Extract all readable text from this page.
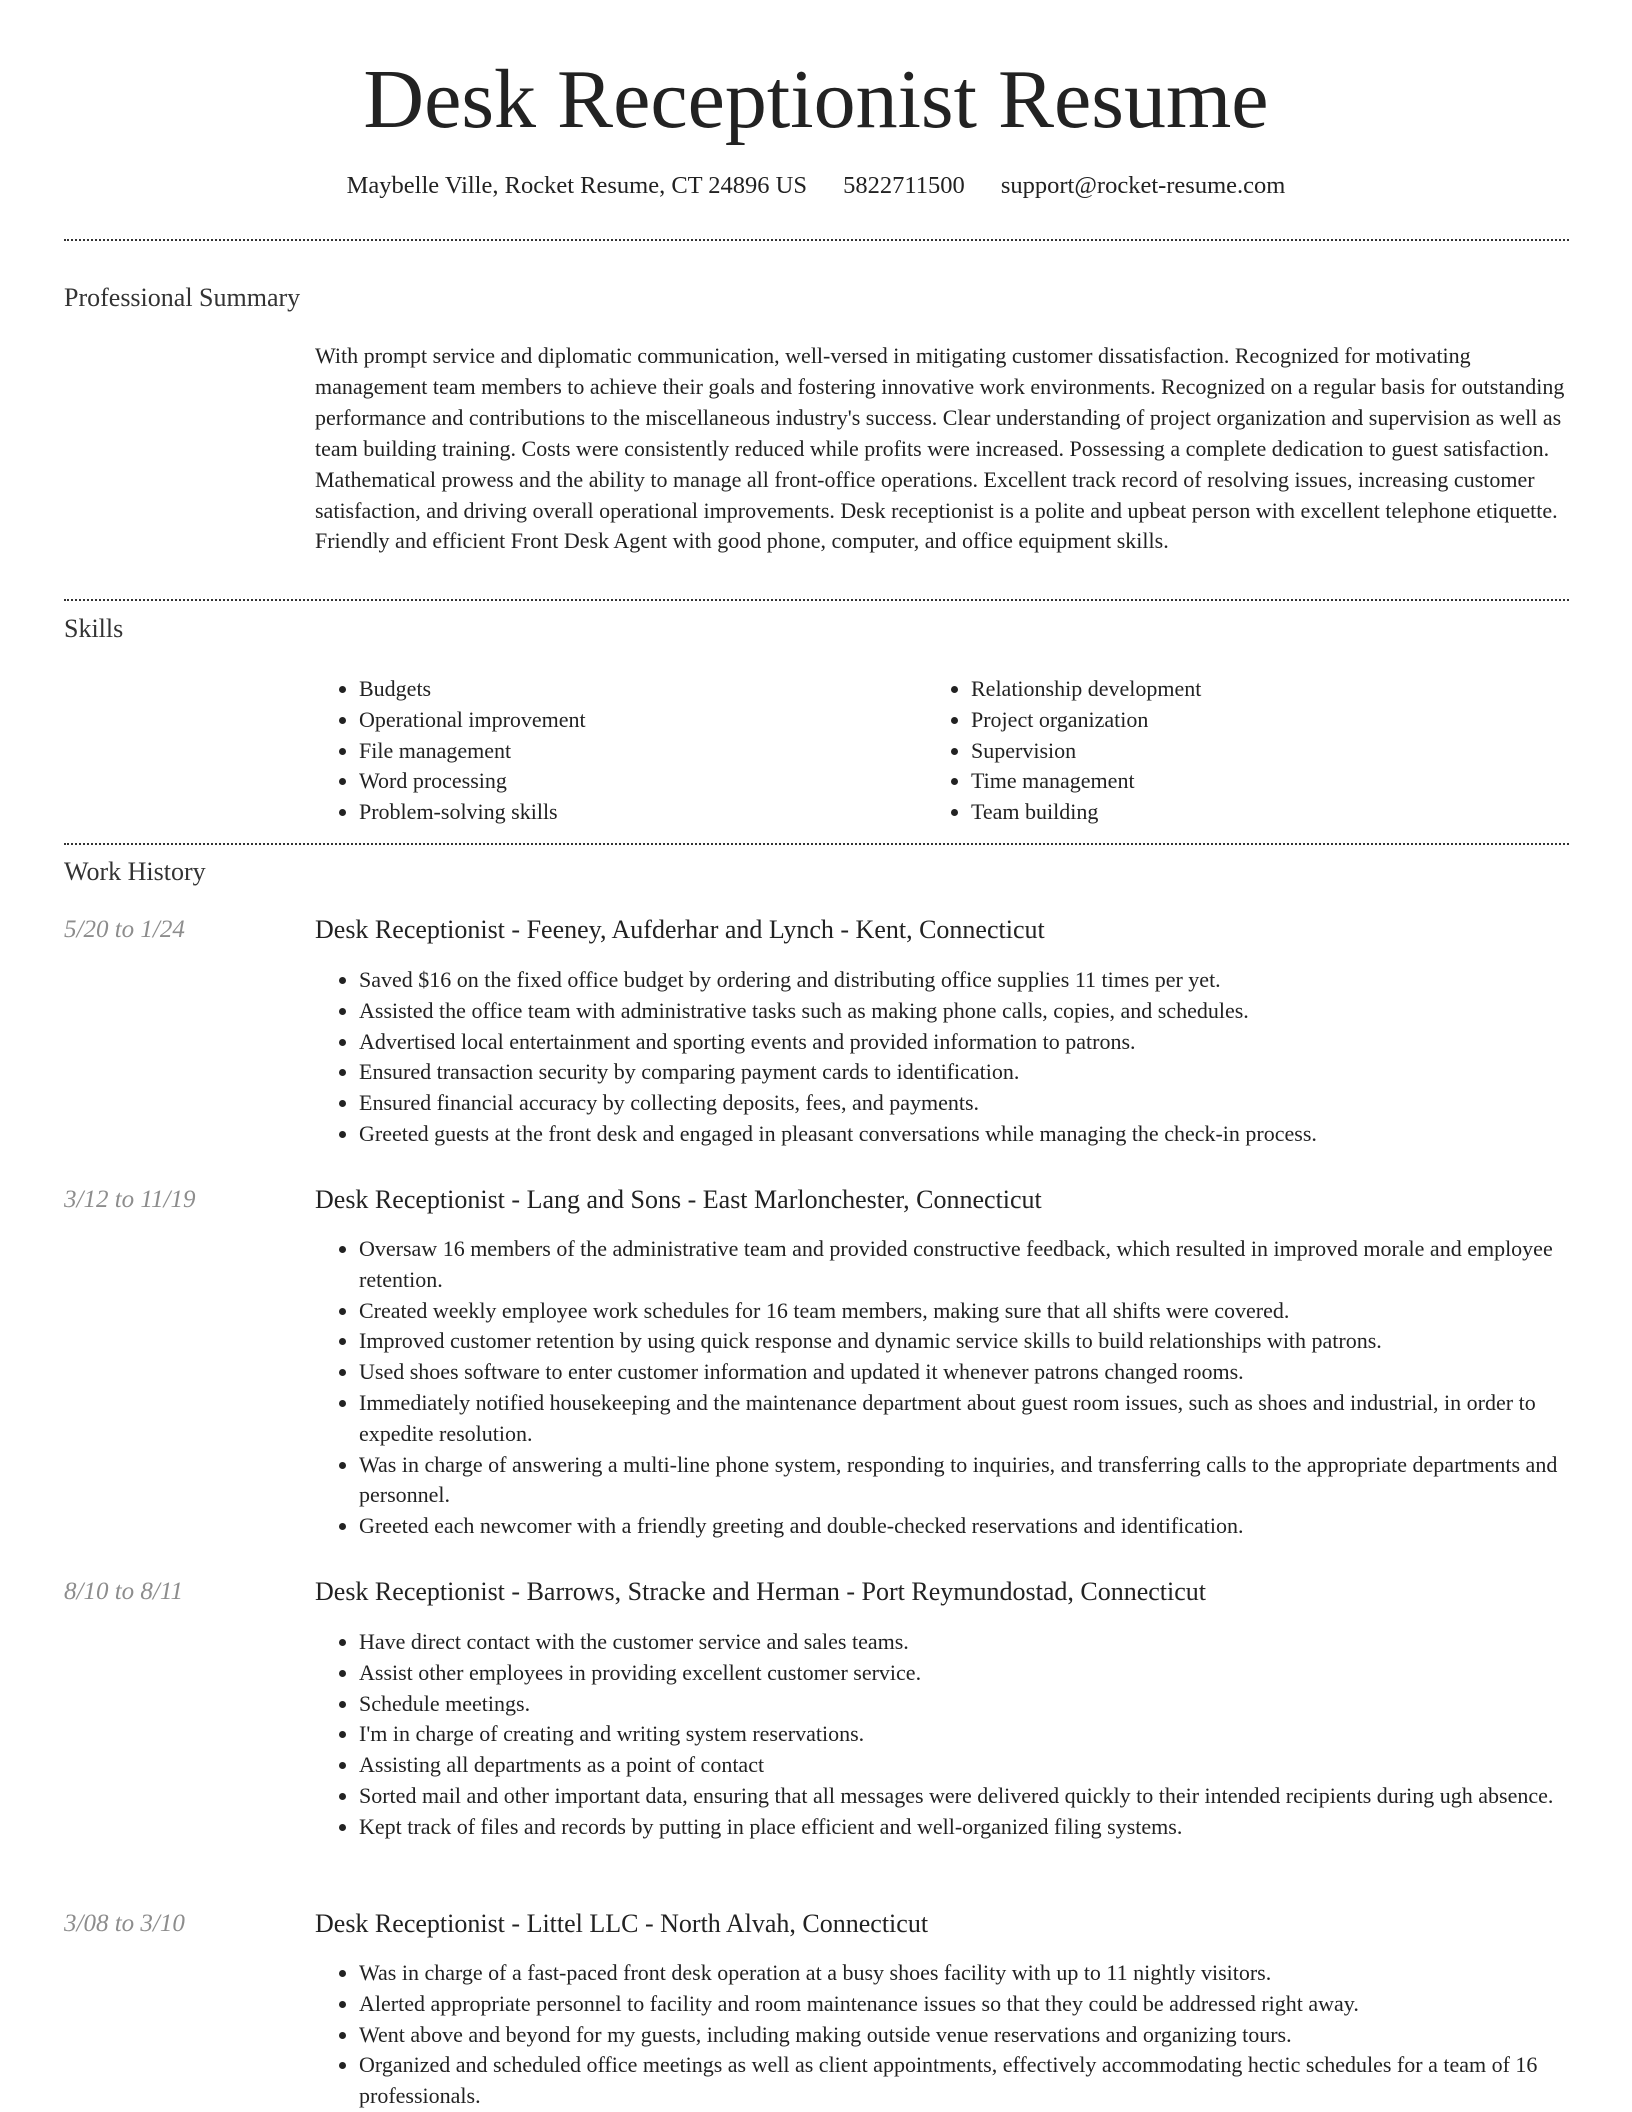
Desk Receptionist Resume
Maybelle Ville, Rocket Resume, CT 24896 US 5822711500 support@rocket-resume.com
Professional Summary

With prompt service and diplomatic communication, well-versed in mitigating customer dissatisfaction. Recognized for motivating management team members to achieve their goals and fostering innovative work environments. Recognized on a regular basis for outstanding performance and contributions to the miscellaneous industry's success. Clear understanding of project organization and supervision as well as team building training. Costs were consistently reduced while profits were increased. Possessing a complete dedication to guest satisfaction. Mathematical prowess and the ability to manage all front-office operations. Excellent track record of resolving issues, increasing customer satisfaction, and driving overall operational improvements. Desk receptionist is a polite and upbeat person with excellent telephone etiquette. Friendly and efficient Front Desk Agent with good phone, computer, and office equipment skills.

Skills
• Budgets
• Operational improvement
• File management
• Word processing
• Problem-solving skills
• Relationship development
• Project organization
• Supervision
• Time management
• Team building
Work History
5/20 to 1/24	Desk Receptionist - Feeney, Aufderhar and Lynch - Kent, Connecticut
• Saved $16 on the fixed office budget by ordering and distributing office supplies 11 times per yet.
• Assisted the office team with administrative tasks such as making phone calls, copies, and schedules.
• Advertised local entertainment and sporting events and provided information to patrons.
• Ensured transaction security by comparing payment cards to identification.
• Ensured financial accuracy by collecting deposits, fees, and payments.
• Greeted guests at the front desk and engaged in pleasant conversations while managing the check-in process.
3/12 to 11/19	Desk Receptionist - Lang and Sons - East Marlonchester, Connecticut
• Oversaw 16 members of the administrative team and provided constructive feedback, which resulted in improved morale and employee retention.
• Created weekly employee work schedules for 16 team members, making sure that all shifts were covered.
• Improved customer retention by using quick response and dynamic service skills to build relationships with patrons.
• Used shoes software to enter customer information and updated it whenever patrons changed rooms.
• Immediately notified housekeeping and the maintenance department about guest room issues, such as shoes and industrial, in order to expedite resolution.
• Was in charge of answering a multi-line phone system, responding to inquiries, and transferring calls to the appropriate departments and personnel.
• Greeted each newcomer with a friendly greeting and double-checked reservations and identification.
8/10 to 8/11	Desk Receptionist - Barrows, Stracke and Herman - Port Reymundostad, Connecticut
• Have direct contact with the customer service and sales teams.
• Assist other employees in providing excellent customer service.
• Schedule meetings.
• I'm in charge of creating and writing system reservations.
• Assisting all departments as a point of contact
• Sorted mail and other important data, ensuring that all messages were delivered quickly to their intended recipients during ugh absence.
• Kept track of files and records by putting in place efficient and well-organized filing systems.
3/08 to 3/10	Desk Receptionist - Littel LLC - North Alvah, Connecticut
• Was in charge of a fast-paced front desk operation at a busy shoes facility with up to 11 nightly visitors.
• Alerted appropriate personnel to facility and room maintenance issues so that they could be addressed right away.
• Went above and beyond for my guests, including making outside venue reservations and organizing tours.
• Organized and scheduled office meetings as well as client appointments, effectively accommodating hectic schedules for a team of 16 professionals.
